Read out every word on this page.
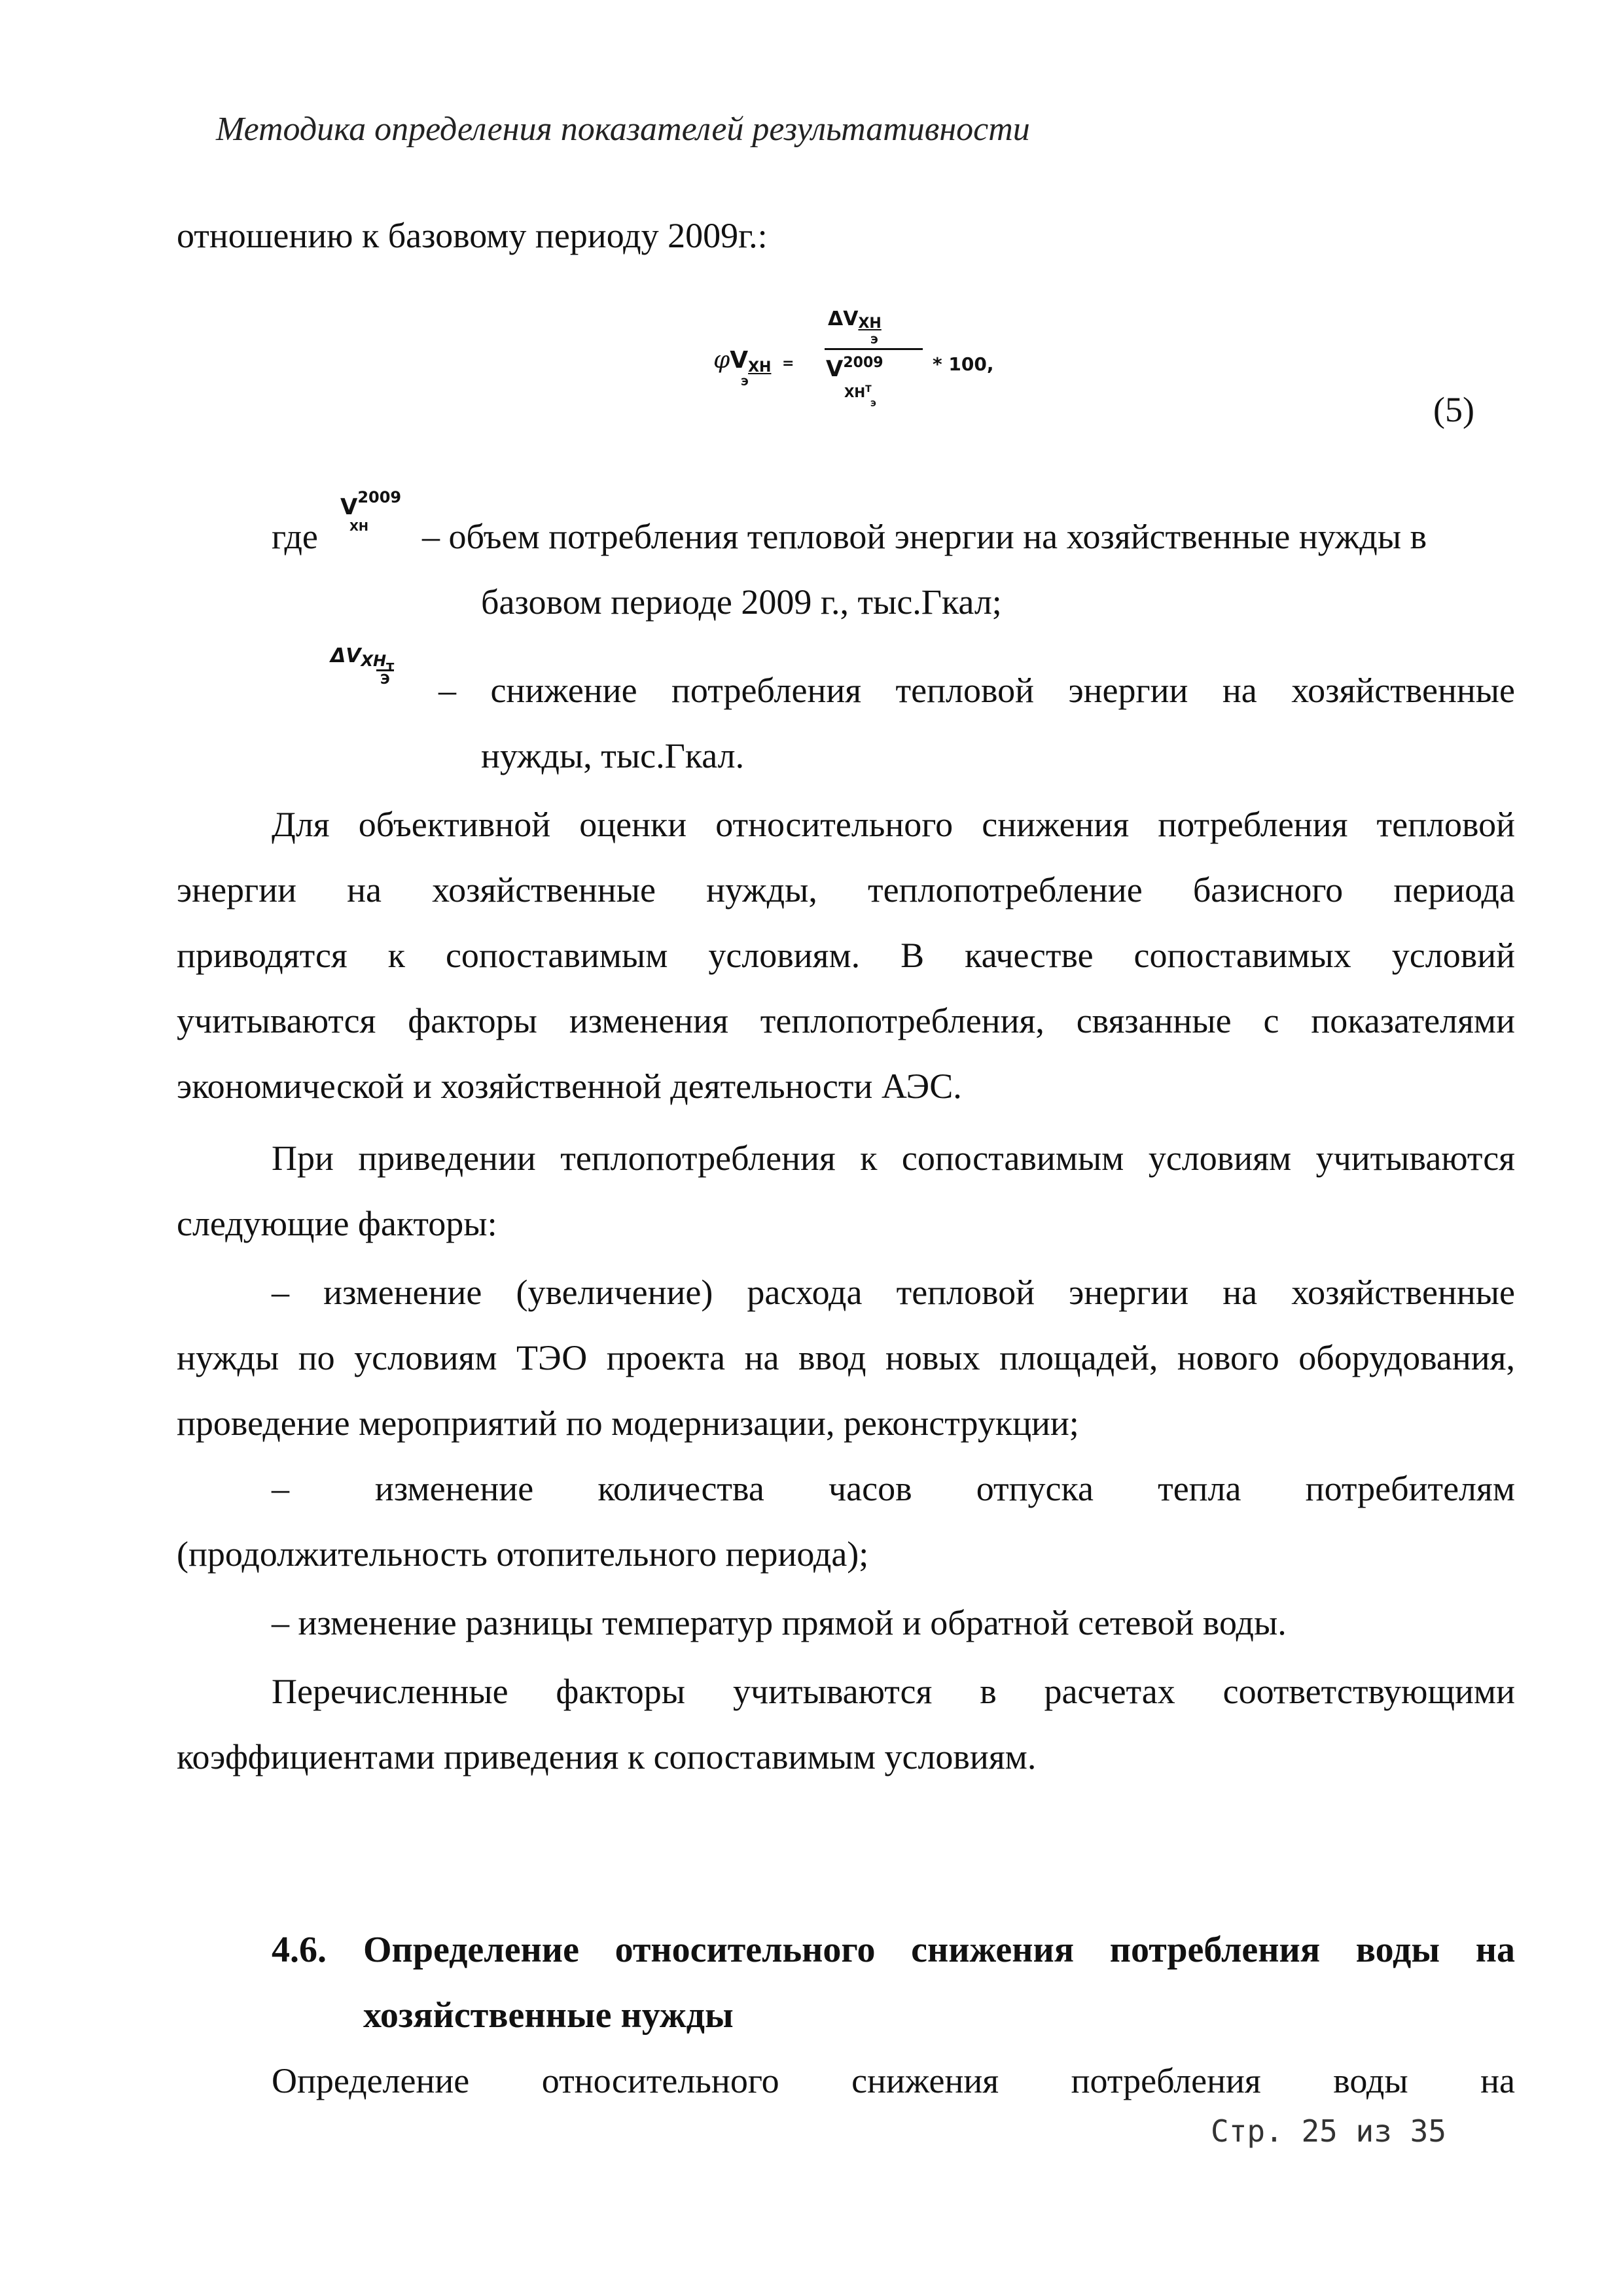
Методика определения показателей результативности
отношению к базовому периоду 2009г.:
φVХН =
Э
ΔVХН
Э
$V^{2009}$
$ХН^Т$
Э
* 100,
(5)
где
V2009
ХН – объем потребления тепловой энергии на хозяйственные нужды в
базовом периоде 2009 г., тыс.Гкал;
ΔVХНТ
Э – снижение потребления тепловой энергии на хозяйственные
нужды, тыс.Гкал.
Для объективной оценки относительного снижения потребления тепловой
энергии на хозяйственные нужды, теплопотребление базисного периода
приводятся к сопоставимым условиям. В качестве сопоставимых условий
учитываются факторы изменения теплопотребления, связанные с показателями
экономической и хозяйственной деятельности АЭС.
При приведении теплопотребления к сопоставимым условиям учитываются
следующие факторы:
– изменение (увеличение) расхода тепловой энергии на хозяйственные
нужды по условиям ТЭО проекта на ввод новых площадей, нового оборудования,
проведение мероприятий по модернизации, реконструкции;
–        изменение      количества      часов      отпуска      тепла      потребителям
(продолжительность отопительного периода);
– изменение разницы температур прямой и обратной сетевой воды.
Перечисленные факторы учитываются в расчетах соответствующими
коэффициентами приведения к сопоставимым условиям.
4.6. Определение относительного снижения потребления воды на
хозяйственные нужды
Определение относительного снижения потребления воды на
Стр. 25 из 35
